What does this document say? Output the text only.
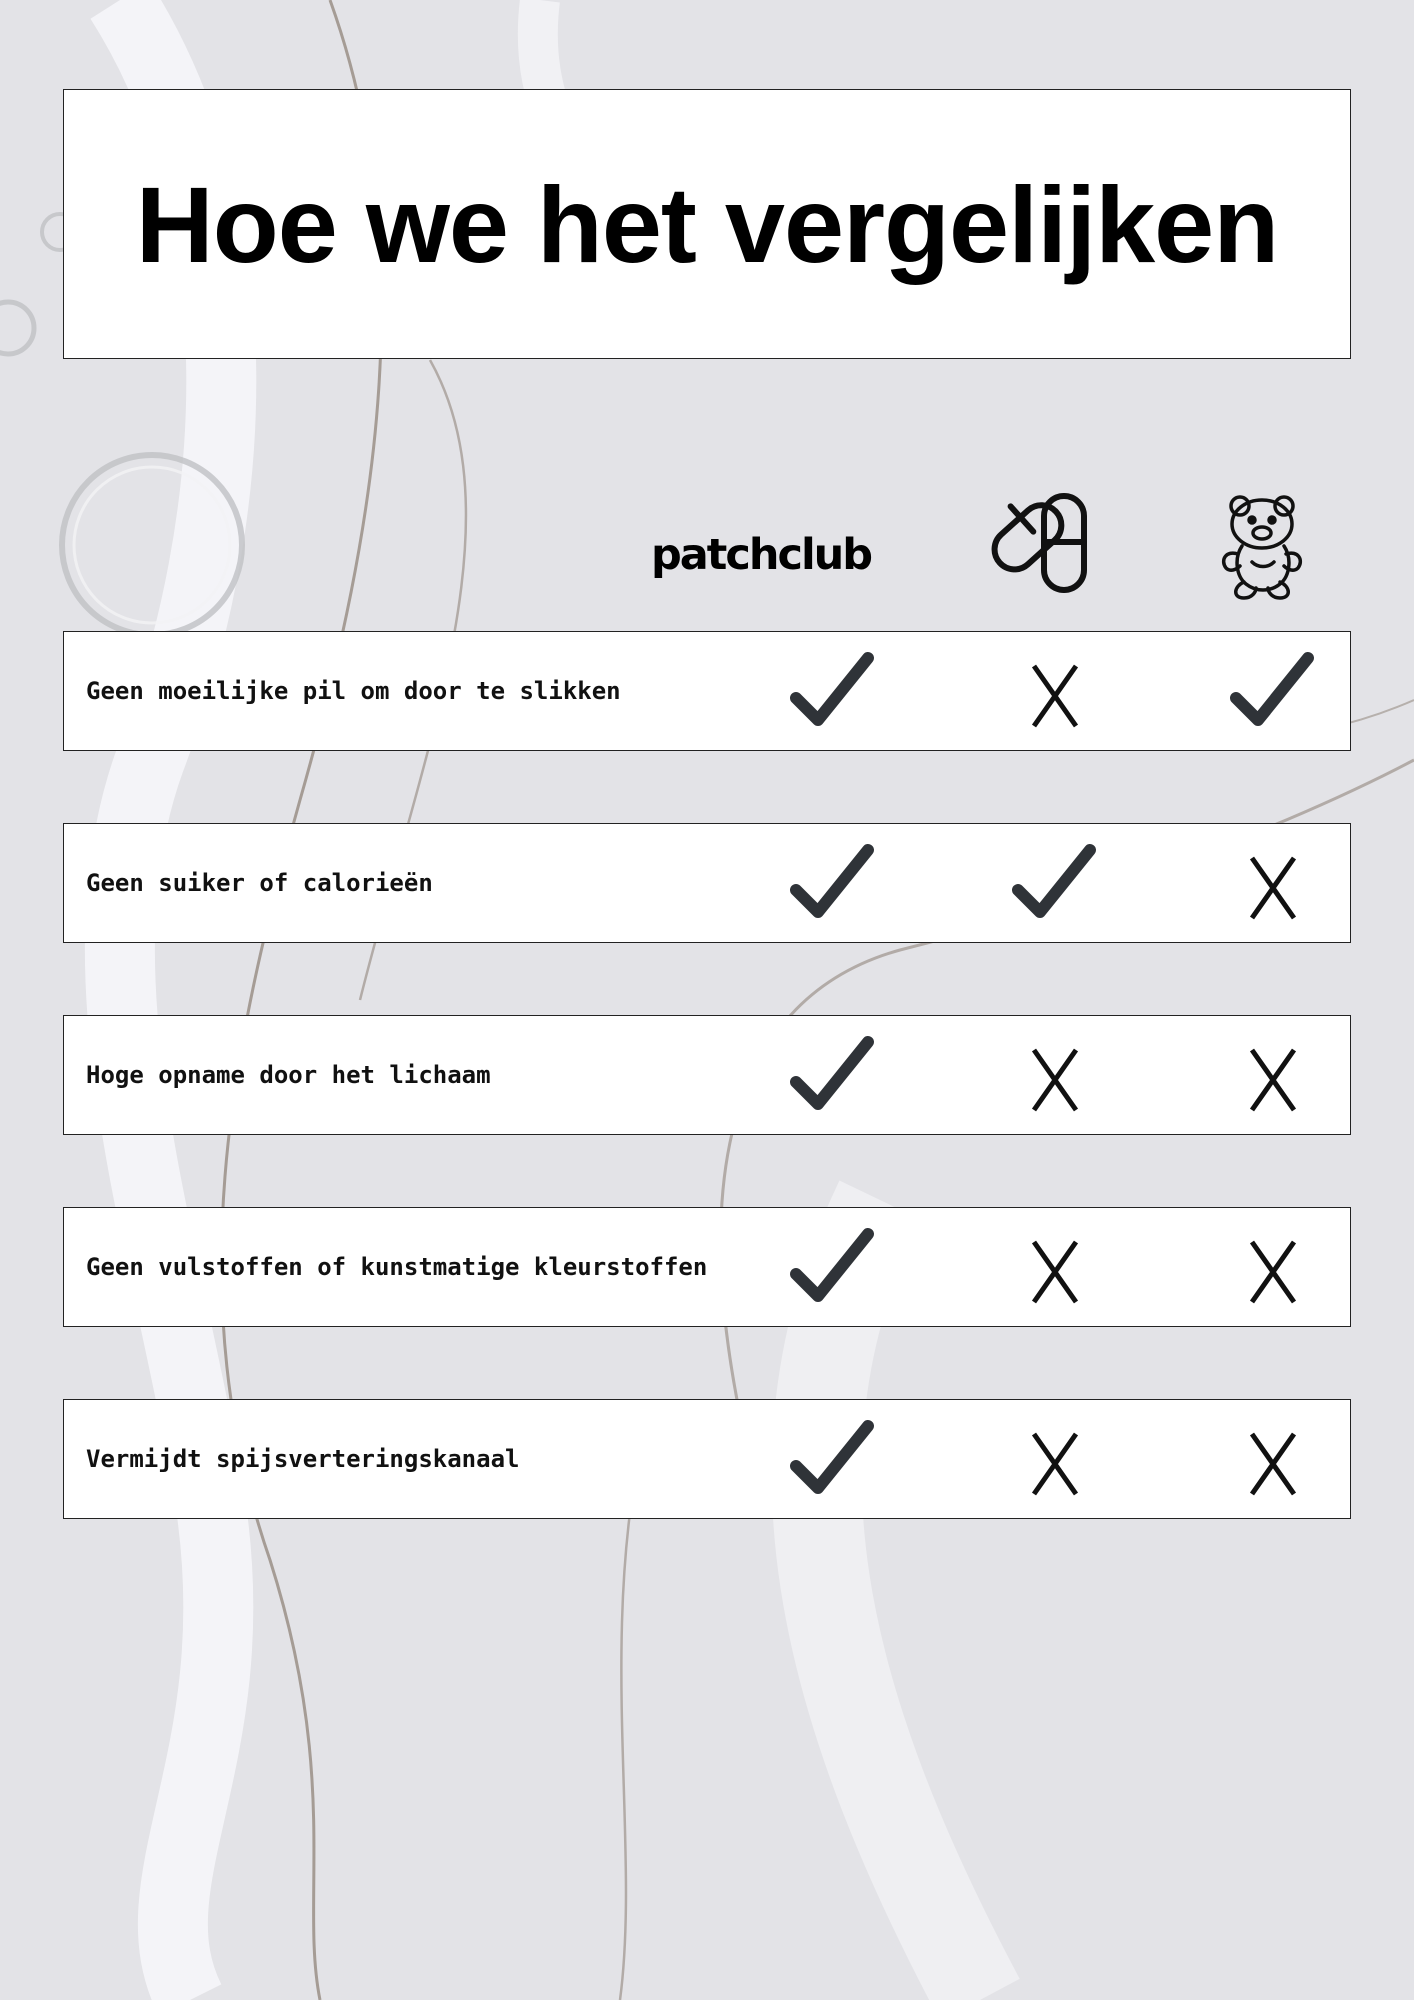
Hoe we het vergelijken
patchclub
Geen moeilijke pil om door te slikken
Geen suiker of calorieën
Hoge opname door het lichaam
Geen vulstoffen of kunstmatige kleurstoffen
Vermijdt spijsverteringskanaal
